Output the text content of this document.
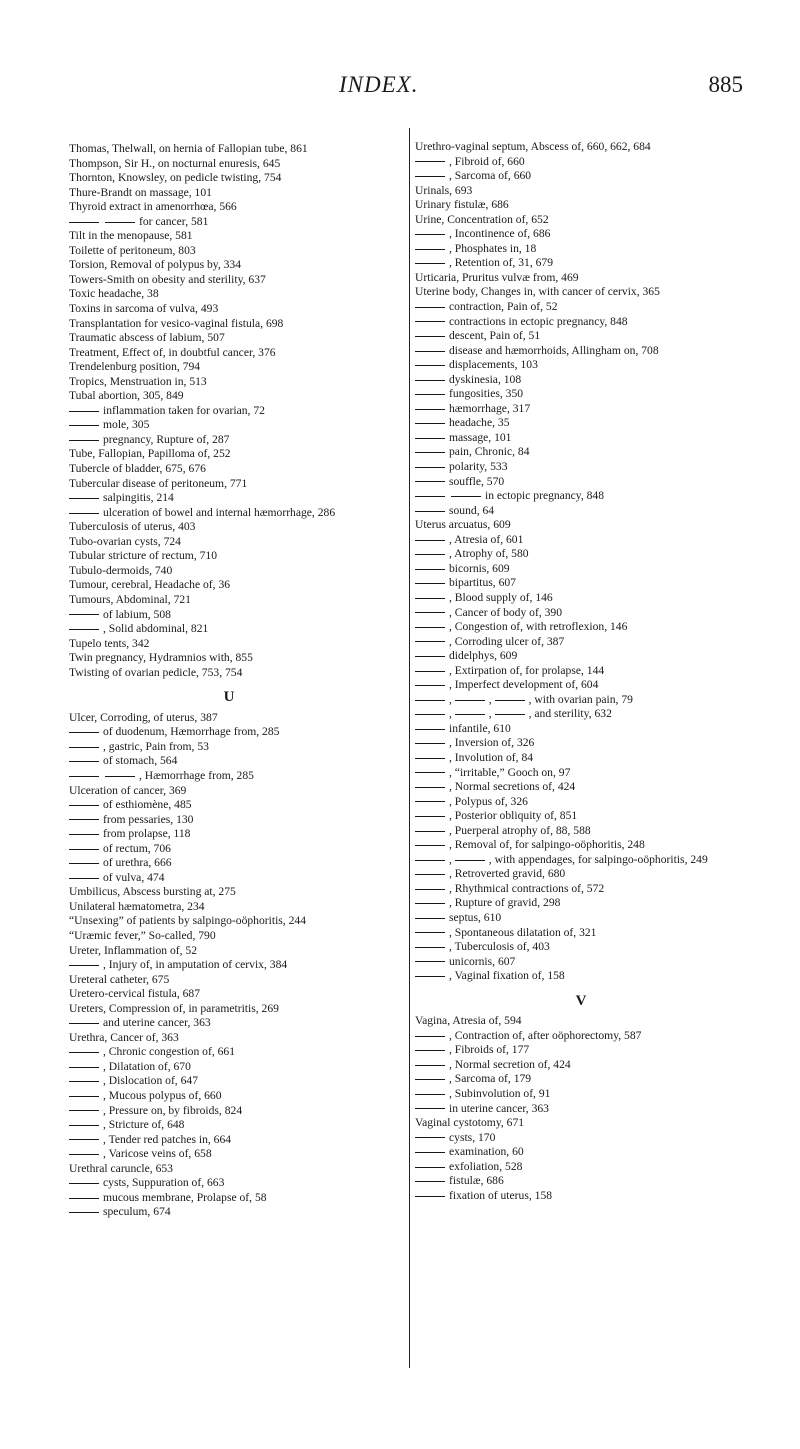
INDEX.	885
Thomas, Thelwall, on hernia of Fallopian tube, 861
Thompson, Sir H., on nocturnal enuresis, 645
Thornton, Knowsley, on pedicle twisting, 754
Thure-Brandt on massage, 101
Thyroid extract in amenorrhœa, 566
for cancer, 581
Tilt in the menopause, 581
Toilette of peritoneum, 803
Torsion, Removal of polypus by, 334
Towers-Smith on obesity and sterility, 637
Toxic headache, 38
Toxins in sarcoma of vulva, 493
Transplantation for vesico-vaginal fistula, 698
Traumatic abscess of labium, 507
Treatment, Effect of, in doubtful cancer, 376
Trendelenburg position, 794
Tropics, Menstruation in, 513
Tubal abortion, 305, 849
inflammation taken for ovarian, 72
mole, 305
pregnancy, Rupture of, 287
Tube, Fallopian, Papilloma of, 252
Tubercle of bladder, 675, 676
Tubercular disease of peritoneum, 771
salpingitis, 214
ulceration of bowel and internal hæmorrhage, 286
Tuberculosis of uterus, 403
Tubo-ovarian cysts, 724
Tubular stricture of rectum, 710
Tubulo-dermoids, 740
Tumour, cerebral, Headache of, 36
Tumours, Abdominal, 721
of labium, 508
, Solid abdominal, 821
Tupelo tents, 342
Twin pregnancy, Hydramnios with, 855
Twisting of ovarian pedicle, 753, 754
U
Ulcer, Corroding, of uterus, 387
of duodenum, Hæmorrhage from, 285
, gastric, Pain from, 53
of stomach, 564
, Hæmorrhage from, 285
Ulceration of cancer, 369
of esthiomène, 485
from pessaries, 130
from prolapse, 118
of rectum, 706
of urethra, 666
of vulva, 474
Umbilicus, Abscess bursting at, 275
Unilateral hæmatometra, 234
“Unsexing” of patients by salpingo-oöphoritis, 244
“Uræmic fever,” So-called, 790
Ureter, Inflammation of, 52
, Injury of, in amputation of cervix, 384
Ureteral catheter, 675
Uretero-cervical fistula, 687
Ureters, Compression of, in parametritis, 269
and uterine cancer, 363
Urethra, Cancer of, 363
, Chronic congestion of, 661
, Dilatation of, 670
, Dislocation of, 647
, Mucous polypus of, 660
, Pressure on, by fibroids, 824
, Stricture of, 648
, Tender red patches in, 664
, Varicose veins of, 658
Urethral caruncle, 653
cysts, Suppuration of, 663
mucous membrane, Prolapse of, 58
speculum, 674
Urethro-vaginal septum, Abscess of, 660, 662, 684
, Fibroid of, 660
, Sarcoma of, 660
Urinals, 693
Urinary fistulæ, 686
Urine, Concentration of, 652
, Incontinence of, 686
, Phosphates in, 18
, Retention of, 31, 679
Urticaria, Pruritus vulvæ from, 469
Uterine body, Changes in, with cancer of cervix, 365
contraction, Pain of, 52
contractions in ectopic pregnancy, 848
descent, Pain of, 51
disease and hæmorrhoids, Allingham on, 708
displacements, 103
dyskinesia, 108
fungosities, 350
hæmorrhage, 317
headache, 35
massage, 101
pain, Chronic, 84
polarity, 533
souffle, 570
in ectopic pregnancy, 848
sound, 64
Uterus arcuatus, 609
, Atresia of, 601
, Atrophy of, 580
bicornis, 609
bipartitus, 607
, Blood supply of, 146
, Cancer of body of, 390
, Congestion of, with retroflexion, 146
, Corroding ulcer of, 387
didelphys, 609
, Extirpation of, for prolapse, 144
, Imperfect development of, 604
,	,	, with ovarian pain, 79
,	,	, and sterility, 632
infantile, 610
, Inversion of, 326
, Involution of, 84
, “irritable,” Gooch on, 97
, Normal secretions of, 424
, Polypus of, 326
, Posterior obliquity of, 851
, Puerperal atrophy of, 88, 588
, Removal of, for salpingo-oöphoritis, 248
,	, with appendages, for salpingo-oöphoritis, 249
, Retroverted gravid, 680
, Rhythmical contractions of, 572
, Rupture of gravid, 298
septus, 610
, Spontaneous dilatation of, 321
, Tuberculosis of, 403
unicornis, 607
, Vaginal fixation of, 158
V
Vagina, Atresia of, 594
, Contraction of, after oöphorectomy, 587
, Fibroids of, 177
, Normal secretion of, 424
, Sarcoma of, 179
, Subinvolution of, 91
in uterine cancer, 363
Vaginal cystotomy, 671
cysts, 170
examination, 60
exfoliation, 528
fistulæ, 686
fixation of uterus, 158
